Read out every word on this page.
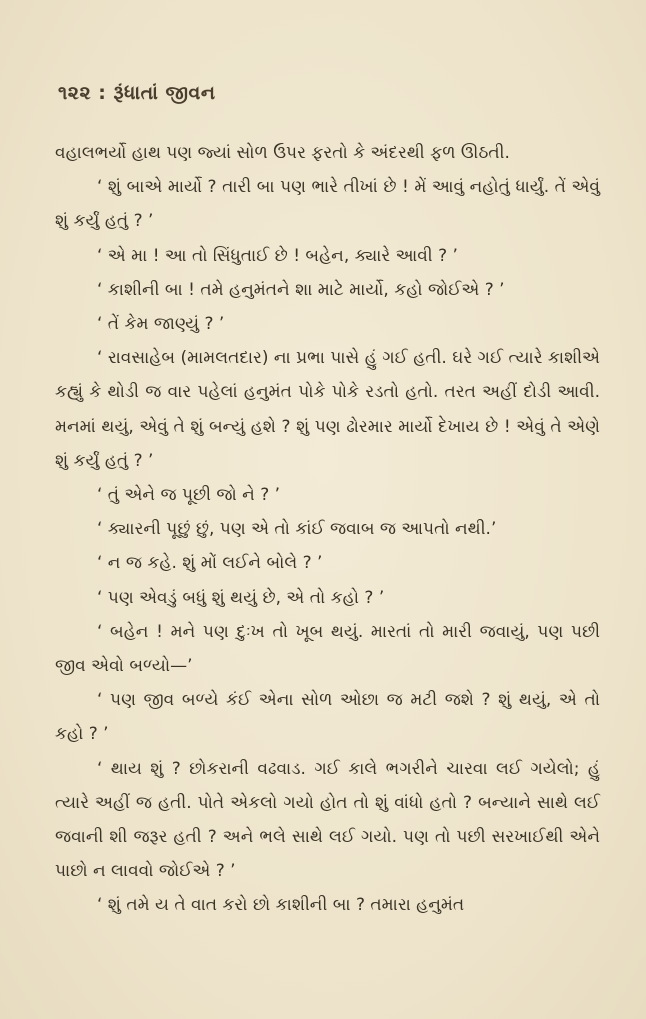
૧૨૨ : રૂંધાતાં જીવન

વહાલભર્યો હાથ પણ જ્યાં સોળ ઉપર ફરતો કે અંદરથી ફળ ઊઠતી.

‘ શું બાએ માર્યો ? તારી બા પણ ભારે તીખાં છે ! મેં આવું નહોતું ધાર્યું. તેં એવું શું કર્યું હતું ? ’

‘ એ મા ! આ તો સિંધુતાઈ છે ! બહેન, ક્યારે આવી ? ’

‘ કાશીની બા ! તમે હનુમંતને શા માટે માર્યો, કહો જોઈએ ? ’

‘ તેં કેમ જાણ્યું ? ’

‘ રાવસાહેબ (મામલતદાર) ના પ્રભા પાસે હું ગઈ હતી. ઘરે ગઈ ત્યારે કાશીએ કહ્યું કે થોડી જ વાર પહેલાં હનુમંત પોકે પોકે રડતો હતો. તરત અહીં દોડી આવી. મનમાં થયું, એવું તે શું બન્યું હશે ? શું પણ ઢોરમાર માર્યો દેખાય છે ! એવું તે એણે શું કર્યું હતું ? ’

‘ તું એને જ પૂછી જો ને ? ’

‘ ક્યારની પૂછું છું, પણ એ તો કાંઈ જવાબ જ આપતો નથી.’

‘ ન જ કહે. શું મોં લઈને બોલે ? ’

‘ પણ એવડું બધું શું થયું છે, એ તો કહો ? ’

‘ બહેન ! મને પણ દુઃખ તો ખૂબ થયું. મારતાં તો મારી જવાયું, પણ પછી જીવ એવો બળ્યો—’

‘ પણ જીવ બળ્યે કંઈ એના સોળ ઓછા જ મટી જશે ? શું થયું, એ તો કહો ? ’

‘ થાય શું ? છોકરાની વઢવાડ. ગઈ કાલે ભગરીને ચારવા લઈ ગયેલો; હું ત્યારે અહીં જ હતી. પોતે એકલો ગયો હોત તો શું વાંધો હતો ? બન્યાને સાથે લઈ જવાની શી જરૂર હતી ? અને ભલે સાથે લઈ ગયો. પણ તો પછી સરખાઈથી એને પાછો ન લાવવો જોઈએ ? ’

‘ શું તમે ય તે વાત કરો છો કાશીની બા ? તમારા હનુમંત
